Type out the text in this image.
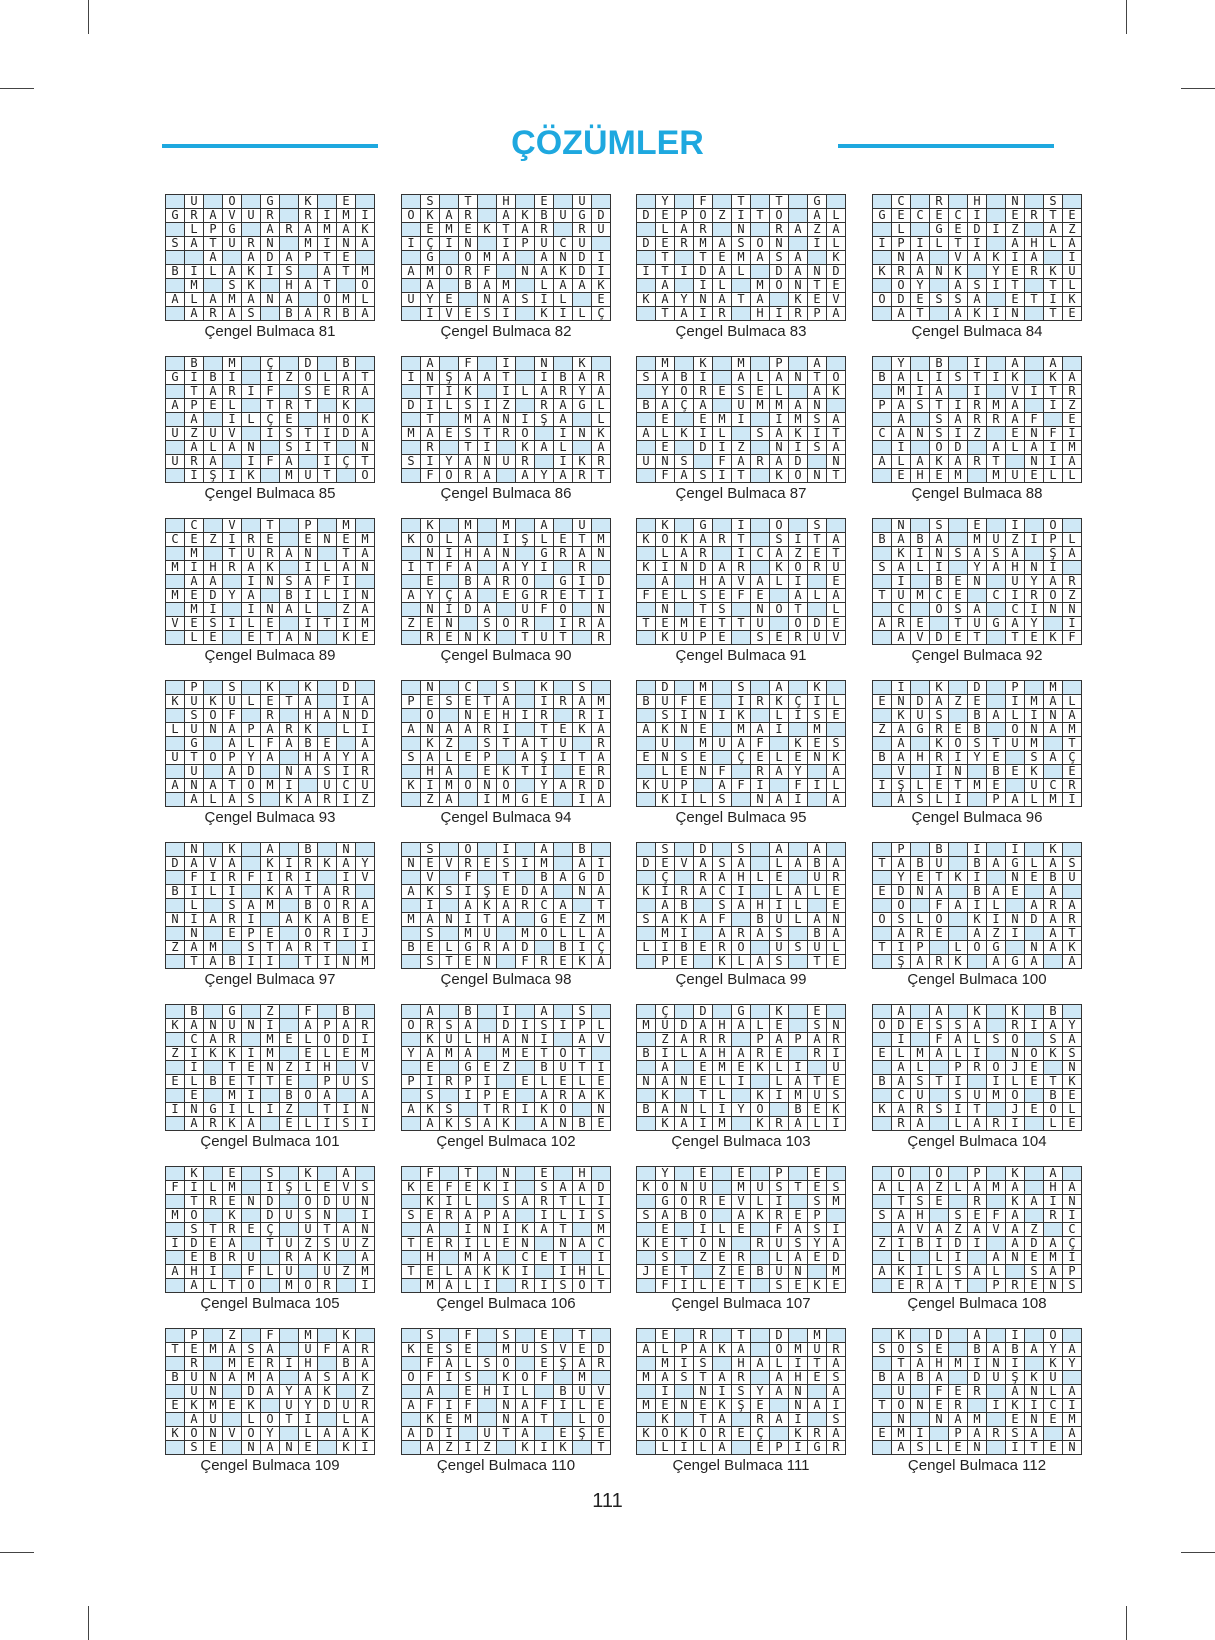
ÇÖZÜMLER
U	Ö	G	K	E
G R A V Ü R	R I M I
L P G	A R A M A K
S A T Ü R N	M I N A
A	A D A P T E
B I L A K I S	A T M
M	S K	H A T	O
A L A M A N A	O M L
A R A S	B A R B A
Çengel Bulmaca 81
S	T	H	E	U
O K A R	A K B U Ğ D
E M E K T A R	R Ü
İ Ç İ N	İ P U C U
G	O M A	A N D I
A M O R F	N A K D I
A	B A M	L A A K
Ü Y E	N A S I L	E
I V E S I	K I L Ç
Çengel Bulmaca 82
Y	F	T	T	G
D E P O Z I T O	A L
L A R	N	R A Z A
D E R M A S O N	I L
T	T E M A S A	K
I T I D A L	D A N D
A	I L	M O N T E
K A Y N A T A	K E V
T A I R	H I R P A
Çengel Bulmaca 83
C	R	H	N	S
G E C E C I	E R T E
L	G E D I Z	A Z
İ P I L T I	A H L A
N A	V A K I A	I
K R A N K	Y E R K Ü
O Y	A S I T	T L
O D E S S A	E T I K
A T	A K I N	T E
Çengel Bulmaca 84
B	M	Ç	D	B
G I B I	I Z O L A T
T A R I F	S E R A
A P E L	T R T	K
A	I L Ç E	H O K
U Z U V	I S T I D A
A L A N	S I T	N
U R A	I F A	İ Ç T
I Ş I K	M U T	O
Çengel Bulmaca 85
A	F	İ	N	K
I N Ş A A T	I B A R
T I K	I L A R Y A
D I L S I Z	R A G L
T	M A N I Ş A	L
M A E S T R O	İ N K
R	T I	K A L	A
S I Y A N Ü R	I K R
F O R A	A Y A R T
Çengel Bulmaca 86
M	K	M	P	A
S A B I	A L A N T O
Y Ö R E S E L	A K
B A Ç A	U M M A N
E	E M I	İ M S A
A L K I L	S A K I T
E	D I Z	N I S A
Ü N S	F A R A D	N
F A S I T	K O N T
Çengel Bulmaca 87
Y	B	İ	A	A
B A L I S T I K	K A
M I A	I	V I T R
P A S T I R M A	İ Z
A	S A R R A F	E
C A N S I Z	E N F I
I	Ö D	A L A I M
A L A K A R T	N I A
E H E M	M U E L L
Çengel Bulmaca 88
C	V	T	P	M
C E Z I R E	E N E M
M	T U R A N	T A
M I H R A K	I L A N
A A	İ N S A F I
M E D Y A	B I L I N
M I	I N A L	Z A
V E S I L E	I T I M
L E	E T A N	K E
Çengel Bulmaca 89
K	M	M	A	U
K O L A	I Ş L E T M
N I H A N	G R A N
I T F A	A Y I	R
E	B A R O	G I D
A Y Ç A	E Ğ R E T I
N I D A	U F O	N
Z E N	S O R	I R A
R E N K	T U T	R
Çengel Bulmaca 90
K	G	İ	O	S
K O K A R T	S I T A
L A R	I C A Z E T
K I N D A R	K O R U
A	H A V A L I	E
F E L S E F E	A L A
N	T S	N O T	L
T E M E T T Ü	Ö D E
K Ü P E	S E R Ü V
Çengel Bulmaca 91
N	S	E	İ	O
B A B A	M U Z I P L
K I N S A S A	Ş A
S A L I	Y A H N I
I	B E N	U Y A R
T Ü M C E	C I R O Z
C	O S A	C I N N
A R E	T U G A Y	İ
A V D E T	T E K F
Çengel Bulmaca 92
P	S	K	K	D
K U K U L E T A	I A
S O F	R	H A N D
L U N A P A R K	L I
G	A L F A B E	A
Ü T O P Y A	H A Y A
U	A D	N A S I R
A N A T O M I	U C U
A L A S	K A R I Z
Çengel Bulmaca 93
N	C	S	K	S
P E S E T A	I R A M
O	N E H I R	R I
A N A A R I	T E K A
K Z	S T A T Ü	R
S A L E P	A Ş I T A
H A	E K T I	E R
K I M O N O	Y A R D
Z A	I M G E	I A
Çengel Bulmaca 94
D	M	S	A	K
B Ü F E	I R K Ç I L
S I N I K	L I S E
A K N E	M A I	M
Ü	M U A F	K E S
E N S E	Ç E L E N K
L E N F	R A Y	A
K Ü P	A F I	F I L
K I L S	N A I	A
Çengel Bulmaca 95
İ	K	D	P	M
E N D A Z E	I M A L
K Ü S	B A L I N A
Z A G R E B	O N A M
A	K O S T Ü M	T
B A H R I Y E	S A Ç
V	I N	B E K	E
I Ş L E T M E	Ü C R
A S L I	P A L M I
Çengel Bulmaca 96
N	K	A	B	N
D A V A	K I R K A Y
F I R F I R I	I V
B I L I	K A T A R
L	S A M	B O R A
N I A R I	A K A B E
N	E P E	O R I J
Z A M	S T A R T	I
T A B I I	T I N M
Çengel Bulmaca 97
S	Ö	İ	A	B
N E V R E S I M	A I
V	F	T	B A Ğ D
A K S I Ş E D A	N A
I	A K A R C A	T
M A N I T A	G E Z M
S	M Ü	M O L L A
B E L G R A D	B I Ç
S T E N	F R E K A
Çengel Bulmaca 98
S	D	S	A	A
D E V A S A	L A B A
Ç	R A H L E	U R
K I R A C I	L A L E
A B	S A H I L	E
S A K A F	B U L A N
M I	A R A S	B A
L I B E R O	U S U L
P E	K L A S	T E
Çengel Bulmaca 99
P	B	İ	İ	K
T A B U	B A Ğ L A S
Y E T K I	N E B U
E D N A	B A E	A
O	F A I L	A R A
O S L O	K I N D A R
A R E	A Z I	A T
T I P	L O Ğ	N A K
Ş A R K	A G A	A
Çengel Bulmaca 100
B	G	Z	F	B
K A N U N I	A P A R
C A R	M E L O D I
Z I K K I M	E L E M
I	T E N Z I H	V
E L B E T T E	P U S
E	M I	B O A	A
İ N G I L I Z	T I N
A R K A	E L I S I
Çengel Bulmaca 101
A	B	İ	A	S
O R S A	D I S I P L
K Ü L H A N I	A V
Y A M A	M E T O T
E	G E Z	B U T I
P I R P I	E L E L E
S	I P E	A R A K
A K S	T R I K O	N
A K S A K	A N B E
Çengel Bulmaca 102
Ç	D	G	K	E
M Ü D A H A L E	S N
Z A R R	P A P A R
B I L A H A R E	R I
A	E M E K L I	U
N A N E L I	L A T E
K	T L	K I M U S
B A N L I Y Ö	B E K
K A I M	K R A L I
Çengel Bulmaca 103
A	A	K	K	B
O D E S S A	R I A Y
I	F A L S O	S A
E L M A L I	N O K S
A L	P R O J E	N
B A S T I	I L E T K
C U	S U M O	B E
K A R S I T	J E O L
R A	L A R I	L E
Çengel Bulmaca 104
K	E	S	K	A
F I L M	I Ş L E V S
T R E N D	O D U N
M O	K	D U S N	I
S T R E Ç	U T A N
I D E A	T U Z S U Z
E B R U	R A K	A
A H I	F L U	U Z M
A L T O	M O R	I
Çengel Bulmaca 105
F	T	N	E	H
K E F E K I	S A A D
K I L	S A R T L I
S E R A P A	I L I S
A	I N I K A T	M
T E R I L E N	N A C
H	M A	C E T	I
T E L A K K I	I H L
M A L I	R I S O T
Çengel Bulmaca 106
Y	E	E	P	E
K O N U	M Ü S T E S
G Ö R E V L I	S M
S A B O	A K R E P
E	I L E	F A S I
K E T O N	R U S Y A
S	Z E R	L A E D
J E T	Z E B U N	M
F I L E T	S E K E
Çengel Bulmaca 107
O	Ö	P	K	A
A L A Z L A M A	H A
T S E	R	K A I N
S A H	S E F A	R I
A V A Z A V A Z	C
Z I B I D I	A D A Ç
L	L I	A N E M I
A K I L S A L	S A P
E R A T	P R E N S
Çengel Bulmaca 108
P	Z	F	M	K
T E M A S A	U F A R
R	M E R I H	B A
B U N A M A	A S A K
U N	D A Y A K	Z
E K M E K	U Y D U R
A U	L O T I	L A
K O N V O Y	L A A K
S E	N A N E	K I
Çengel Bulmaca 109
S	F	S	E	T
K E S E	M Ü S V E D
F A L S O	E Ş A R
O F I S	K O F	M
A	E H I L	B U V
A F I F	N A F I L E
K E M	N A T	L O
A D I	U T A	E Ş E
A Z I Z	K I K	T
Çengel Bulmaca 110
E	R	T	D	M
A L P A K A	O M U R
M I S	H A L I T A
M A S T A R	A H E S
I	N I S Y A N	A
M E N E K Ş E	N A I
K	T A	R A I	S
K O K O R E Ç	K R A
L I L A	E P I G R
Çengel Bulmaca 111
K	D	A	İ	Ö
S O S E	B A B A Y A
T A H M I N I	K Y
B A B A	D Ü Ş K Ü
U	F E R	A N L A
T O N E R	I K I C I
N	N A M	E N E M
E M I	P A R S A	A
A S L E N	I T E N
Çengel Bulmaca 112
111
